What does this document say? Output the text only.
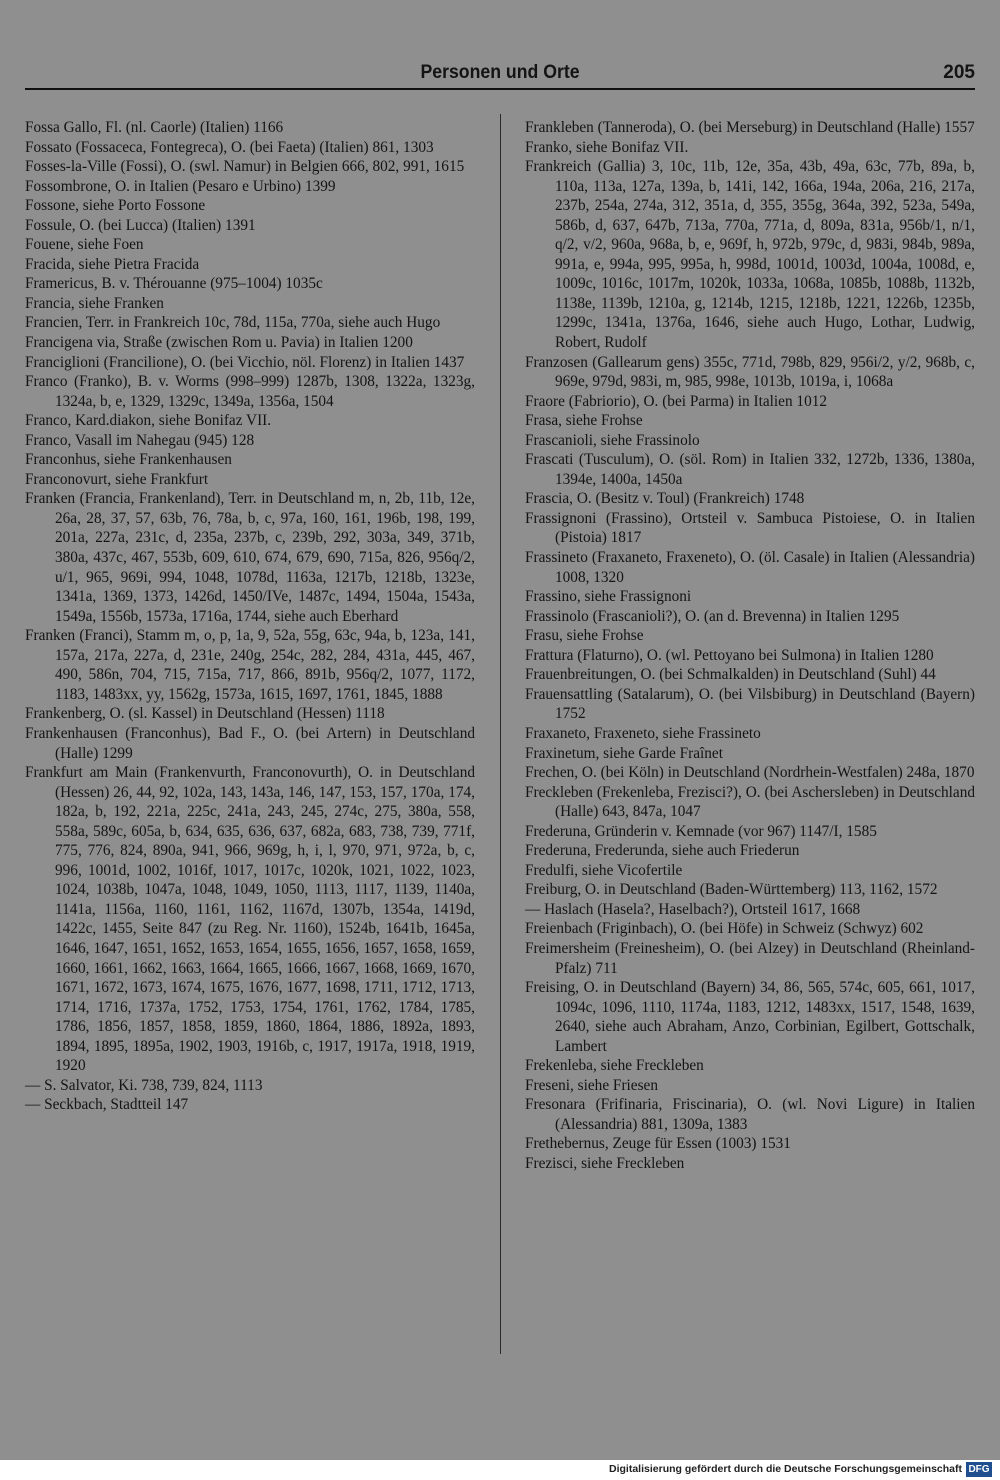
Personen und Orte	205

Fossa Gallo, Fl. (nl. Caorle) (Italien) 1166

Fossato (Fossaceca, Fontegreca), O. (bei Faeta) (Italien) 861, 1303

Fosses-la-Ville (Fossi), O. (swl. Namur) in Belgien 666, 802, 991, 1615

Fossombrone, O. in Italien (Pesaro e Urbino) 1399

Fossone, siehe Porto Fossone

Fossule, O. (bei Lucca) (Italien) 1391

Fouene, siehe Foen

Fracida, siehe Pietra Fracida

Framericus, B. v. Thérouanne (975–1004) 1035c

Francia, siehe Franken

Francien, Terr. in Frankreich 10c, 78d, 115a, 770a, siehe auch Hugo

Francigena via, Straße (zwischen Rom u. Pavia) in Italien 1200

Franciglioni (Francilione), O. (bei Vicchio, nöl. Florenz) in Italien 1437

Franco (Franko), B. v. Worms (998–999) 1287b, 1308, 1322a, 1323g, 1324a, b, e, 1329, 1329c, 1349a, 1356a, 1504

Franco, Kard.diakon, siehe Bonifaz VII.

Franco, Vasall im Nahegau (945) 128

Franconhus, siehe Frankenhausen

Franconovurt, siehe Frankfurt

Franken (Francia, Frankenland), Terr. in Deutschland m, n, 2b, 11b, 12e, 26a, 28, 37, 57, 63b, 76, 78a, b, c, 97a, 160, 161, 196b, 198, 199, 201a, 227a, 231c, d, 235a, 237b, c, 239b, 292, 303a, 349, 371b, 380a, 437c, 467, 553b, 609, 610, 674, 679, 690, 715a, 826, 956q/2, u/1, 965, 969i, 994, 1048, 1078d, 1163a, 1217b, 1218b, 1323e, 1341a, 1369, 1373, 1426d, 1450/IVe, 1487c, 1494, 1504a, 1543a, 1549a, 1556b, 1573a, 1716a, 1744, siehe auch Eberhard

Franken (Franci), Stamm m, o, p, 1a, 9, 52a, 55g, 63c, 94a, b, 123a, 141, 157a, 217a, 227a, d, 231e, 240g, 254c, 282, 284, 431a, 445, 467, 490, 586n, 704, 715, 715a, 717, 866, 891b, 956q/2, 1077, 1172, 1183, 1483xx, yy, 1562g, 1573a, 1615, 1697, 1761, 1845, 1888

Frankenberg, O. (sl. Kassel) in Deutschland (Hessen) 1118

Frankenhausen (Franconhus), Bad F., O. (bei Artern) in Deutschland (Halle) 1299

Frankfurt am Main (Frankenvurth, Franconovurth), O. in Deutschland (Hessen) 26, 44, 92, 102a, 143, 143a, 146, 147, 153, 157, 170a, 174, 182a, b, 192, 221a, 225c, 241a, 243, 245, 274c, 275, 380a, 558, 558a, 589c, 605a, b, 634, 635, 636, 637, 682a, 683, 738, 739, 771f, 775, 776, 824, 890a, 941, 966, 969g, h, i, l, 970, 971, 972a, b, c, 996, 1001d, 1002, 1016f, 1017, 1017c, 1020k, 1021, 1022, 1023, 1024, 1038b, 1047a, 1048, 1049, 1050, 1113, 1117, 1139, 1140a, 1141a, 1156a, 1160, 1161, 1162, 1167d, 1307b, 1354a, 1419d, 1422c, 1455, Seite 847 (zu Reg. Nr. 1160), 1524b, 1641b, 1645a, 1646, 1647, 1651, 1652, 1653, 1654, 1655, 1656, 1657, 1658, 1659, 1660, 1661, 1662, 1663, 1664, 1665, 1666, 1667, 1668, 1669, 1670, 1671, 1672, 1673, 1674, 1675, 1676, 1677, 1698, 1711, 1712, 1713, 1714, 1716, 1737a, 1752, 1753, 1754, 1761, 1762, 1784, 1785, 1786, 1856, 1857, 1858, 1859, 1860, 1864, 1886, 1892a, 1893, 1894, 1895, 1895a, 1902, 1903, 1916b, c, 1917, 1917a, 1918, 1919, 1920

— S. Salvator, Ki. 738, 739, 824, 1113

— Seckbach, Stadtteil 147

Frankleben (Tanneroda), O. (bei Merseburg) in Deutschland (Halle) 1557

Franko, siehe Bonifaz VII.

Frankreich (Gallia) 3, 10c, 11b, 12e, 35a, 43b, 49a, 63c, 77b, 89a, b, 110a, 113a, 127a, 139a, b, 141i, 142, 166a, 194a, 206a, 216, 217a, 237b, 254a, 274a, 312, 351a, d, 355, 355g, 364a, 392, 523a, 549a, 586b, d, 637, 647b, 713a, 770a, 771a, d, 809a, 831a, 956b/1, n/1, q/2, v/2, 960a, 968a, b, e, 969f, h, 972b, 979c, d, 983i, 984b, 989a, 991a, e, 994a, 995, 995a, h, 998d, 1001d, 1003d, 1004a, 1008d, e, 1009c, 1016c, 1017m, 1020k, 1033a, 1068a, 1085b, 1088b, 1132b, 1138e, 1139b, 1210a, g, 1214b, 1215, 1218b, 1221, 1226b, 1235b, 1299c, 1341a, 1376a, 1646, siehe auch Hugo, Lothar, Ludwig, Robert, Rudolf

Franzosen (Gallearum gens) 355c, 771d, 798b, 829, 956i/2, y/2, 968b, c, 969e, 979d, 983i, m, 985, 998e, 1013b, 1019a, i, 1068a

Fraore (Fabriorio), O. (bei Parma) in Italien 1012

Frasa, siehe Frohse

Frascanioli, siehe Frassinolo

Frascati (Tusculum), O. (söl. Rom) in Italien 332, 1272b, 1336, 1380a, 1394e, 1400a, 1450a

Frascia, O. (Besitz v. Toul) (Frankreich) 1748

Frassignoni (Frassino), Ortsteil v. Sambuca Pistoiese, O. in Italien (Pistoia) 1817

Frassineto (Fraxaneto, Fraxeneto), O. (öl. Casale) in Italien (Alessandria) 1008, 1320

Frassino, siehe Frassignoni

Frassinolo (Frascanioli?), O. (an d. Brevenna) in Italien 1295

Frasu, siehe Frohse

Frattura (Flaturno), O. (wl. Pettoyano bei Sulmona) in Italien 1280

Frauenbreitungen, O. (bei Schmalkalden) in Deutschland (Suhl) 44

Frauensattling (Satalarum), O. (bei Vilsbiburg) in Deutschland (Bayern) 1752

Fraxaneto, Fraxeneto, siehe Frassineto

Fraxinetum, siehe Garde Fraînet

Frechen, O. (bei Köln) in Deutschland (Nordrhein-Westfalen) 248a, 1870

Freckleben (Frekenleba, Frezisci?), O. (bei Aschersleben) in Deutschland (Halle) 643, 847a, 1047

Frederuna, Gründerin v. Kemnade (vor 967) 1147/I, 1585

Frederuna, Frederunda, siehe auch Friederun

Fredulfi, siehe Vicofertile

Freiburg, O. in Deutschland (Baden-Württemberg) 113, 1162, 1572

— Haslach (Hasela?, Haselbach?), Ortsteil 1617, 1668

Freienbach (Friginbach), O. (bei Höfe) in Schweiz (Schwyz) 602

Freimersheim (Freinesheim), O. (bei Alzey) in Deutschland (Rheinland-Pfalz) 711

Freising, O. in Deutschland (Bayern) 34, 86, 565, 574c, 605, 661, 1017, 1094c, 1096, 1110, 1174a, 1183, 1212, 1483xx, 1517, 1548, 1639, 2640, siehe auch Abraham, Anzo, Corbinian, Egilbert, Gottschalk, Lambert

Frekenleba, siehe Freckleben

Freseni, siehe Friesen

Fresonara (Frifinaria, Friscinaria), O. (wl. Novi Ligure) in Italien (Alessandria) 881, 1309a, 1383

Frethebernus, Zeuge für Essen (1003) 1531

Frezisci, siehe Freckleben

Digitalisierung gefördert durch die Deutsche Forschungsgemeinschaft DFG
